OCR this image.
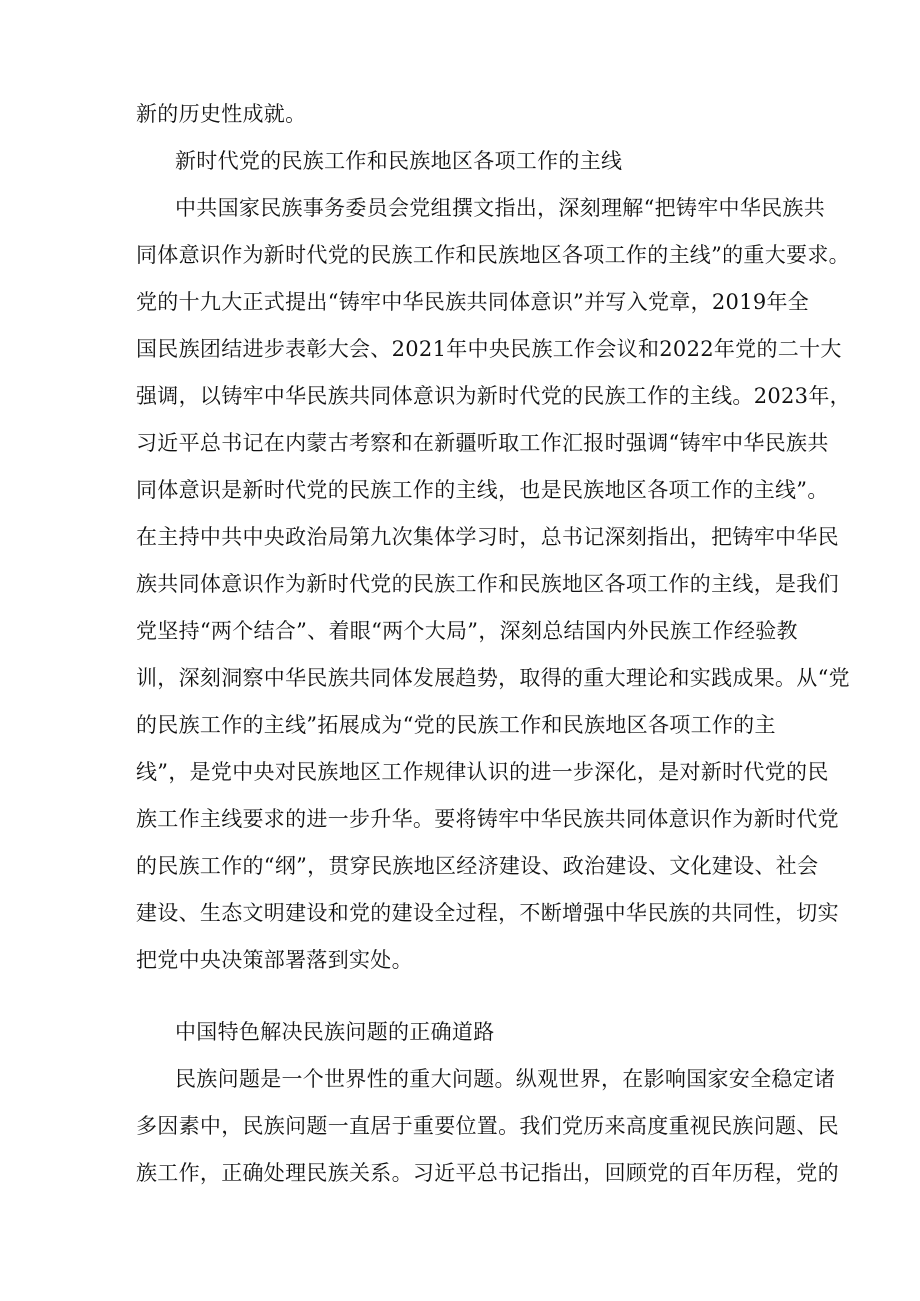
新的历史性成就。
新时代党的民族工作和民族地区各项工作的主线
中共国家民族事务委员会党组撰文指出，深刻理解“把铸牢中华民族共
同体意识作为新时代党的民族工作和民族地区各项工作的主线”的重大要求。
党的十九大正式提出“铸牢中华民族共同体意识”并写入党章，2019年全
国民族团结进步表彰大会、2021年中央民族工作会议和2022年党的二十大
强调，以铸牢中华民族共同体意识为新时代党的民族工作的主线。2023年，
习近平总书记在内蒙古考察和在新疆听取工作汇报时强调“铸牢中华民族共
同体意识是新时代党的民族工作的主线，也是民族地区各项工作的主线”。
在主持中共中央政治局第九次集体学习时，总书记深刻指出，把铸牢中华民
族共同体意识作为新时代党的民族工作和民族地区各项工作的主线，是我们
党坚持“两个结合”、着眼“两个大局”，深刻总结国内外民族工作经验教
训，深刻洞察中华民族共同体发展趋势，取得的重大理论和实践成果。从“党
的民族工作的主线”拓展成为“党的民族工作和民族地区各项工作的主
线”，是党中央对民族地区工作规律认识的进一步深化，是对新时代党的民
族工作主线要求的进一步升华。要将铸牢中华民族共同体意识作为新时代党
的民族工作的“纲”，贯穿民族地区经济建设、政治建设、文化建设、社会
建设、生态文明建设和党的建设全过程，不断增强中华民族的共同性，切实
把党中央决策部署落到实处。
中国特色解决民族问题的正确道路
民族问题是一个世界性的重大问题。纵观世界，在影响国家安全稳定诸
多因素中，民族问题一直居于重要位置。我们党历来高度重视民族问题、民
族工作，正确处理民族关系。习近平总书记指出，回顾党的百年历程，党的
